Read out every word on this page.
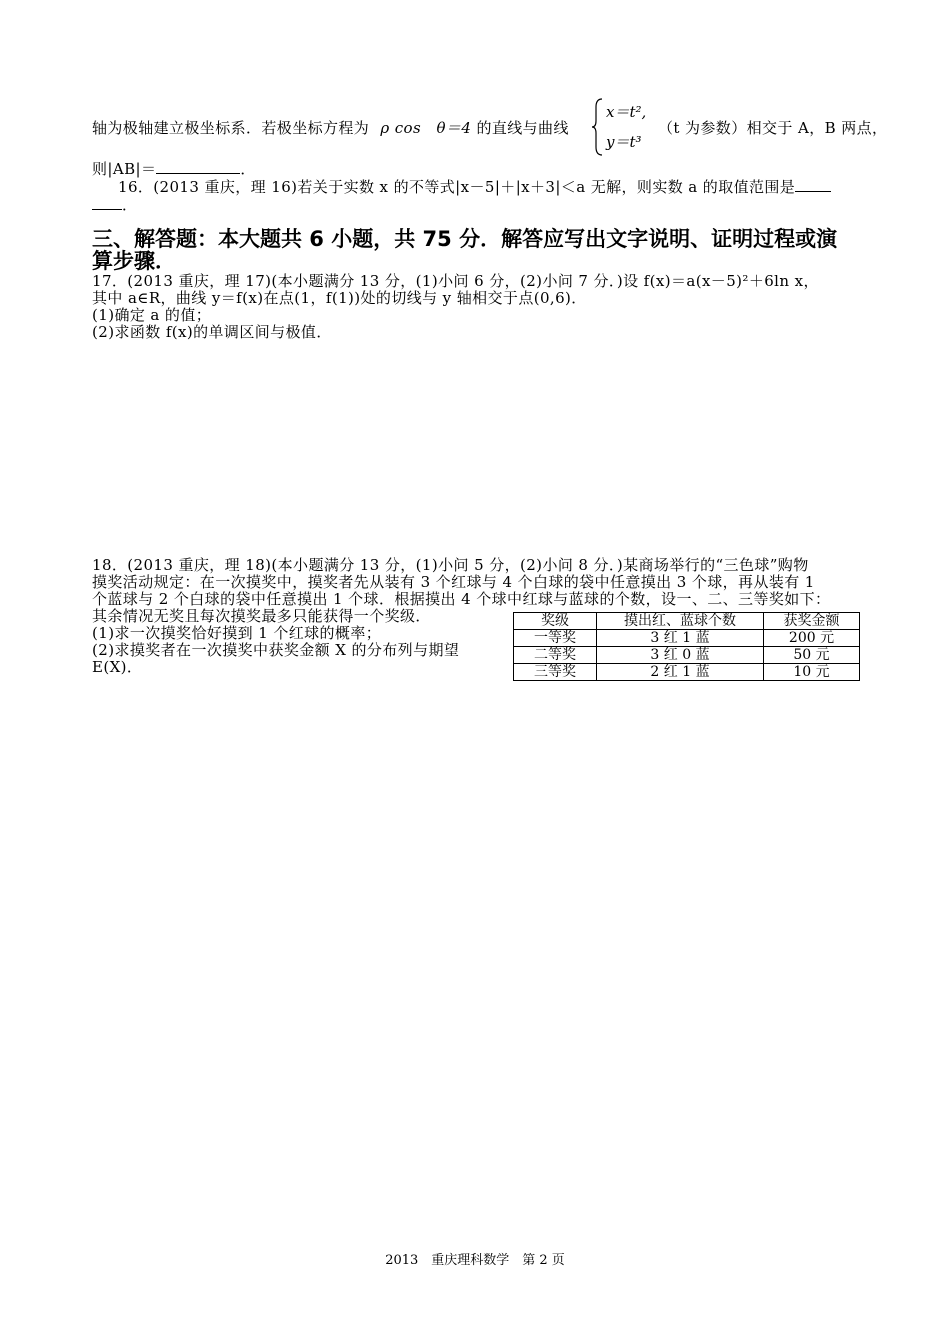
轴为极轴建立极坐标系．若极坐标方程为 ρ cos　θ＝4 的直线与曲线
x＝t²,
y＝t³
（t 为参数）相交于 A，B 两点，
则|AB|＝	．
16．(2013 重庆，理 16)若关于实数 x 的不等式|x－5|＋|x＋3|＜a 无解，则实数 a 的取值范围是
．
三、解答题：本大题共 6 小题，共 75 分．解答应写出文字说明、证明过程或演
算步骤．
17．(2013 重庆，理 17)(本小题满分 13 分，(1)小问 6 分，(2)小问 7 分．)设 f(x)＝a(x－5)²＋6ln x，
其中 a∈R，曲线 y＝f(x)在点(1，f(1))处的切线与 y 轴相交于点(0,6)．
(1)确定 a 的值；
(2)求函数 f(x)的单调区间与极值．
18．(2013 重庆，理 18)(本小题满分 13 分，(1)小问 5 分，(2)小问 8 分．)某商场举行的“三色球”购物
摸奖活动规定：在一次摸奖中，摸奖者先从装有 3 个红球与 4 个白球的袋中任意摸出 3 个球，再从装有 1
个蓝球与 2 个白球的袋中任意摸出 1 个球．根据摸出 4 个球中红球与蓝球的个数，设一、二、三等奖如下：
其余情况无奖且每次摸奖最多只能获得一个奖级．
(1)求一次摸奖恰好摸到 1 个红球的概率；
(2)求摸奖者在一次摸奖中获奖金额 X 的分布列与期望
E(X)．
奖级	摸出红、蓝球个数	获奖金额
一等奖	3 红 1 蓝	200 元
二等奖	3 红 0 蓝	50 元
三等奖	2 红 1 蓝	10 元
2013　重庆理科数学　第 2 页
